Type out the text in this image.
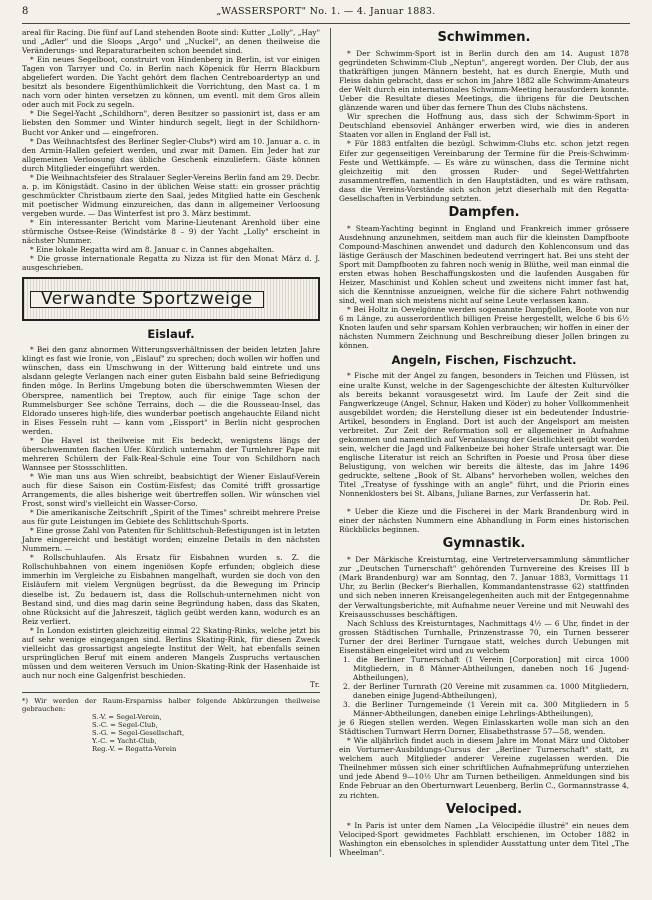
8	„WASSERSPORT" No. 1. — 4. Januar 1883.

areal für Racing. Die fünf auf Land stehenden Boote sind: Kutter „Lolly", „Hay" und „Adler" und die Sloops „Argo" und „Nuckel", an denen theilweise die Veränderungs- und Reparaturarbeiten schon beendet sind.

* Ein neues Segelboot, construirt von Hindenberg in Berlin, ist vor einigen Tagen von Tarryer und Co. in Berlin nach Köpenick für Herrn Blackburn abgeliefert worden. Die Yacht gehört dem flachen Centreboardertyp an und besitzt als besondere Eigenthümlichkeit die Vorrichtung, den Mast ca. 1 m nach vorn oder hinten versetzen zu können, um eventl. mit dem Gros allein oder auch mit Fock zu segeln.

* Die Segel-Yacht „Schildhorn", deren Besitzer so passionirt ist, dass er am liebsten den Sommer und Winter hindurch segelt, liegt in der Schildhorn-Bucht vor Anker und — eingefroren.

* Das Weihnachtsfest des Berliner Segler-Clubs*) wird am 10. Januar a. c. in den Armin-Hallen gefeiert werden, und zwar mit Damen. Ein Jeder hat zur allgemeinen Verloosung das übliche Geschenk einzuliefern. Gäste können durch Mitglieder eingeführt werden.

* Die Weihnachtsfeier des Stralauer Segler-Vereins Berlin fand am 29. Decbr. a. p. im Königstädt. Casino in der üblichen Weise statt: ein grosser prächtig geschmückter Christbaum zierte den Saal, jedes Mitglied hatte ein Geschenk mit poetischer Widmung einzureichen, das dann in allgemeiner Verloosung vergeben wurde. — Das Winterfest ist pro 3. März bestimmt.

* Ein interessanter Bericht vom Marine-Lieutenant Arenhold über eine stürmische Ostsee-Reise (Windstärke 8 – 9) der Yacht „Lolly" erscheint in nächster Nummer.

* Eine lokale Regatta wird am 8. Januar c. in Cannes abgehalten.

* Die grosse internationale Regatta zu Nizza ist für den Monat März d. J. ausgeschrieben.

Verwandte Sportzweige
Eislauf.

* Bei den ganz abnormen Witterungsverhältnissen der beiden letzten Jahre klingt es fast wie Ironie, von „Eislauf" zu sprechen; doch wollen wir hoffen und wünschen, dass ein Umschwung in der Witterung bald eintrete und uns alsdann gelegte Verlangen nach einer guten Eisbahn bald seine Befriedigung finden möge. In Berlins Umgebung boten die überschwemmten Wiesen der Oberspree, namentlich bei Treptow, auch für einige Tage schon der Rummelsburger See schöne Terrains, doch — die die Rousseau-Insel, das Eldorado unseres high-life, dies wunderbar poetisch angehauchte Eiland nicht in Eises Fesseln ruht — kann vom „Eissport" in Berlin nicht gesprochen werden.

* Die Havel ist theilweise mit Eis bedeckt, wenigstens längs der überschwemmten flachen Ufer. Kürzlich unternahm der Turnlehrer Pape mit mehreren Schülern der Falk-Real-Schule eine Tour von Schildhorn nach Wannsee per Stossschlitten.

* Wie man uns aus Wien schreibt, beabsichtigt der Wiener Eislauf-Verein auch für diese Saison ein Costüm-Eisfest; das Comité trifft grossartige Arrangements, die alles bisherige weit übertreffen sollen. Wir wünschen viel Frost, sonst wird's vielleicht ein Wasser-Corso.

* Die amerikanische Zeitschrift „Spirit of the Times" schreibt mehrere Preise aus für gute Leistungen im Gebiete des Schlittschuh-Sports.

* Eine grosse Zahl von Patenten für Schlittschuh-Befestigungen ist in letzten Jahre eingereicht und bestätigt worden; einzelne Details in den nächsten Nummern. —

* Rollschuhlaufen. Als Ersatz für Eisbahnen wurden s. Z. die Rollschuhbahnen von einem ingeniösen Kopfe erfunden; obgleich diese immerhin im Vergleiche zu Eisbahnen mangelhaft, wurden sie doch von den Eisläufern mit vielem Vergnügen begrüsst, da die Bewegung im Princip dieselbe ist. Zu bedauern ist, dass die Rollschuh-unternehmen nicht von Bestand sind, und dies mag darin seine Begründung haben, dass das Skaten, ohne Rücksicht auf die Jahreszeit, täglich geübt werden kann, wodurch es an Reiz verliert.

* In London existirten gleichzeitig einmal 22 Skating-Rinks, welche jetzt bis auf sehr wenige eingegangen sind. Berlins Skating-Rink, für diesen Zweck vielleicht das grossartigst angelegte Institut der Welt, hat ebenfalls seinen ursprünglichen Beruf mit einem anderen Mangels Zuspruchs vertauschen müssen und dem weiteren Versuch im Union-Skating-Rink der Hasenhaide ist auch nur noch eine Galgenfrist beschieden.

Tr.

*) Wir werden der Raum-Ersparniss halber folgende Abkürzungen theilweise gebrauchen:
S.-V. = Segel-Verein,
S.-C. = Segel-Club,
S.-G. = Segel-Gesellschaft,
Y.-C. = Yacht-Club,
Reg.-V. = Regatta-Verein
Schwimmen.

* Der Schwimm-Sport ist in Berlin durch den am 14. August 1878 gegründeten Schwimm-Club „Neptun", angeregt worden. Der Club, der aus thatkräftigen jungen Männern besteht, hat es durch Energie, Muth und Fleiss dahin gebracht, dass er schon im Jahre 1882 alle Schwimm-Amateurs der Welt durch ein internationales Schwimm-Meeting herausfordern konnte. Ueber die Resultate dieses Meetings, die übrigens für die Deutschen glänzende waren und über das fernere Thun des Clubs nächstens.

Wir sprechen die Hoffnung aus, dass sich der Schwimm-Sport in Deutschland ebensoviel Anhänger erwerben wird, wie dies in anderen Staaten vor allen in England der Fall ist.

* Für 1883 entfalten die bezügl. Schwimm-Clubs etc. schon jetzt regen Eifer zur gegenseitigen Vereinbarung der Termine für die Preis-Schwimm-Feste und Wettkämpfe. — Es wäre zu wünschen, dass die Termine nicht gleichzeitig mit den grossen Ruder- und Segel-Wettfahrten zusammentreffen, namentlich in den Hauptstädten, und es wäre rathsam, dass die Vereins-Vorstände sich schon jetzt dieserhalb mit den Regatta-Gesellschaften in Verbindung setzten.

Dampfen.

* Steam-Yachting beginnt in England und Frankreich immer grössere Ausdehnung anzunehmen, seitdem man auch für die kleinsten Dampfboote Compound-Maschinen anwendet und dadurch den Kohlenconsum und das lästige Geräusch der Maschinen bedeutend verringert hat. Bei uns steht der Sport mit Dampfbooten zu fahren noch wenig in Blüthe, weil man einmal die ersten etwas hohen Beschaffungskosten und die laufenden Ausgaben für Heizer, Maschinist und Kohlen scheut und zweitens nicht immer fast hat, sich die Kenntnisse anzueignen, welche für die sichere Fahrt nothwendig sind, weil man sich meistens nicht auf seine Leute verlassen kann.

* Bei Holtz in Oevelgönne werden sogenannte Dampfjollen, Boote von nur 6 m Länge, zu ausserordentlich billigen Preise hergestellt, welche 6 bis 6½ Knoten laufen und sehr sparsam Kohlen verbrauchen; wir hoffen in einer der nächsten Nummern Zeichnung und Beschreibung dieser Jollen bringen zu können.

Angeln, Fischen, Fischzucht.

* Fische mit der Angel zu fangen, besonders in Teichen und Flüssen, ist eine uralte Kunst, welche in der Sagengeschichte der ältesten Kulturvölker als bereits bekannt vorausgesetzt wird. Im Laufe der Zeit sind die Fangwerkzeuge (Angel, Schnur, Haken und Köder) zu hoher Vollkommenheit ausgebildet worden; die Herstellung dieser ist ein bedeutender Industrie-Artikel, besonders in England. Dort ist auch der Angelsport am meisten verbreitet. Zur Zeit der Reformation soll er allgemeiner in Aufnahme gekommen und namentlich auf Veranlassung der Geistlichkeit geübt worden sein, welcher die Jagd und Falkenbeize bei hoher Strafe untersagt war. Die englische Literatur ist reich an Schriften in Poesie und Prosa über diese Belustigung, von welchen wir bereits die älteste, das im Jahre 1496 gedruckte, seltene „Book of St. Albans" hervorheben wollen, welches den Titel „Treatyse of fysshinge with an angle" führt, und die Priorin eines Nonnenklosters bei St. Albans, Juliane Barnes, zur Verfasserin hat.

Dr. Rob. Peil.

* Ueber die Kieze und die Fischerei in der Mark Brandenburg wird in einer der nächsten Nummern eine Abhandlung in Form eines historischen Rückblicks beginnen.

Gymnastik.

* Der Märkische Kreisturntag, eine Vertreterversammlung sämmtlicher zur „Deutschen Turnerschaft" gehörenden Turnvereine des Kreises III b (Mark Brandenburg) war am Sonntag, den 7. Januar 1883, Vormittags 11 Uhr, zu Berlin (Becker's Bierhallen, Kommandantenstrasse 62) stattfinden und sich neben inneren Kreisangelegenheiten auch mit der Entgegennahme der Verwaltungsberichte, mit Aufnahme neuer Vereine und mit Neuwahl des Kreisausschusses beschäftigen.

Nach Schluss des Kreisturntages, Nachmittags 4½ — 6 Uhr, findet in der grossen Städtischen Turnhalle, Prinzenstrasse 70, ein Turnen besserer Turner der drei Berliner Turngaue statt, welches durch Uebungen mit Eisenstäben eingeleitet wird und zu welchem

1. die Berliner Turnerschaft (1 Verein [Corporation] mit circa 1000 Mitgliedern, in 8 Männer-Abtheilungen, daneben noch 16 Jugend-Abtheilungen),

2. der Berliner Turnrath (20 Vereine mit zusammen ca. 1000 Mitgliedern, daneben einige Jugend-Abtheilungen),

3. die Berliner Turngemeinde (1 Verein mit ca. 300 Mitgliedern in 5 Männer-Abtheilungen, daneben einige Lehrlings-Abtheilungen),

je 6 Riegen stellen werden. Wegen Einlasskarten wolle man sich an den Städtischen Turnwart Herrn Dorner, Elisabethstrasse 57—58, wenden.

* Wie alljährlich findet auch in diesem Jahre im Monat März und Oktober ein Vorturner-Ausbildungs-Cursus der „Berliner Turnerschaft" statt, zu welchem auch Mitglieder anderer Vereine zugelassen werden. Die Theilnehmer müssen sich einer schriftlichen Aufnahmeprüfung unterziehen und jede Abend 9—10½ Uhr am Turnen betheiligen. Anmeldungen sind bis Ende Februar an den Oberturnwart Leuenberg, Berlin C., Gormannstrasse 4, zu richten.

Velociped.

* In Paris ist unter dem Namen „La Vélocipédie illustré" ein neues dem Velociped-Sport gewidmetes Fachblatt erschienen, im October 1882 in Washington ein ebensolches in splendider Ausstattung unter dem Titel „The Wheelman".
